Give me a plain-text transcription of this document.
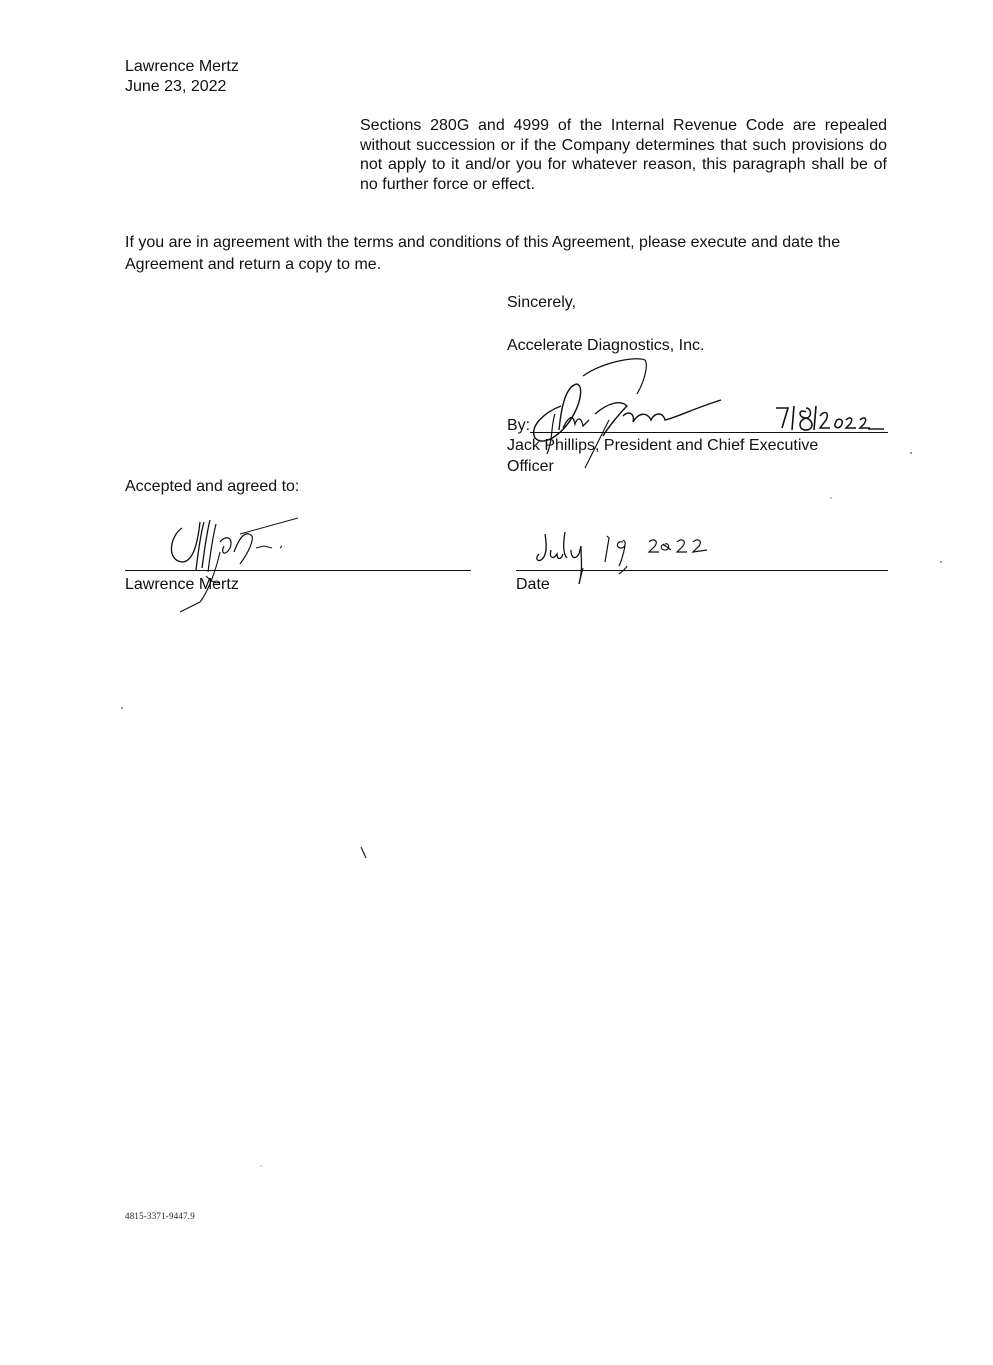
Lawrence Mertz
June 23, 2022
Sections 280G and 4999 of the Internal Revenue Code are repealed without succession or if the Company determines that such provisions do not apply to it and/or you for whatever reason, this paragraph shall be of no further force or effect.
If you are in agreement with the terms and conditions of this Agreement, please execute and date the
Agreement and return a copy to me.
Sincerely,
Accelerate Diagnostics, Inc.
By:
Jack Phillips, President and Chief Executive
Officer
Accepted and agreed to:
Lawrence Mertz	Date
4815-3371-9447.9
